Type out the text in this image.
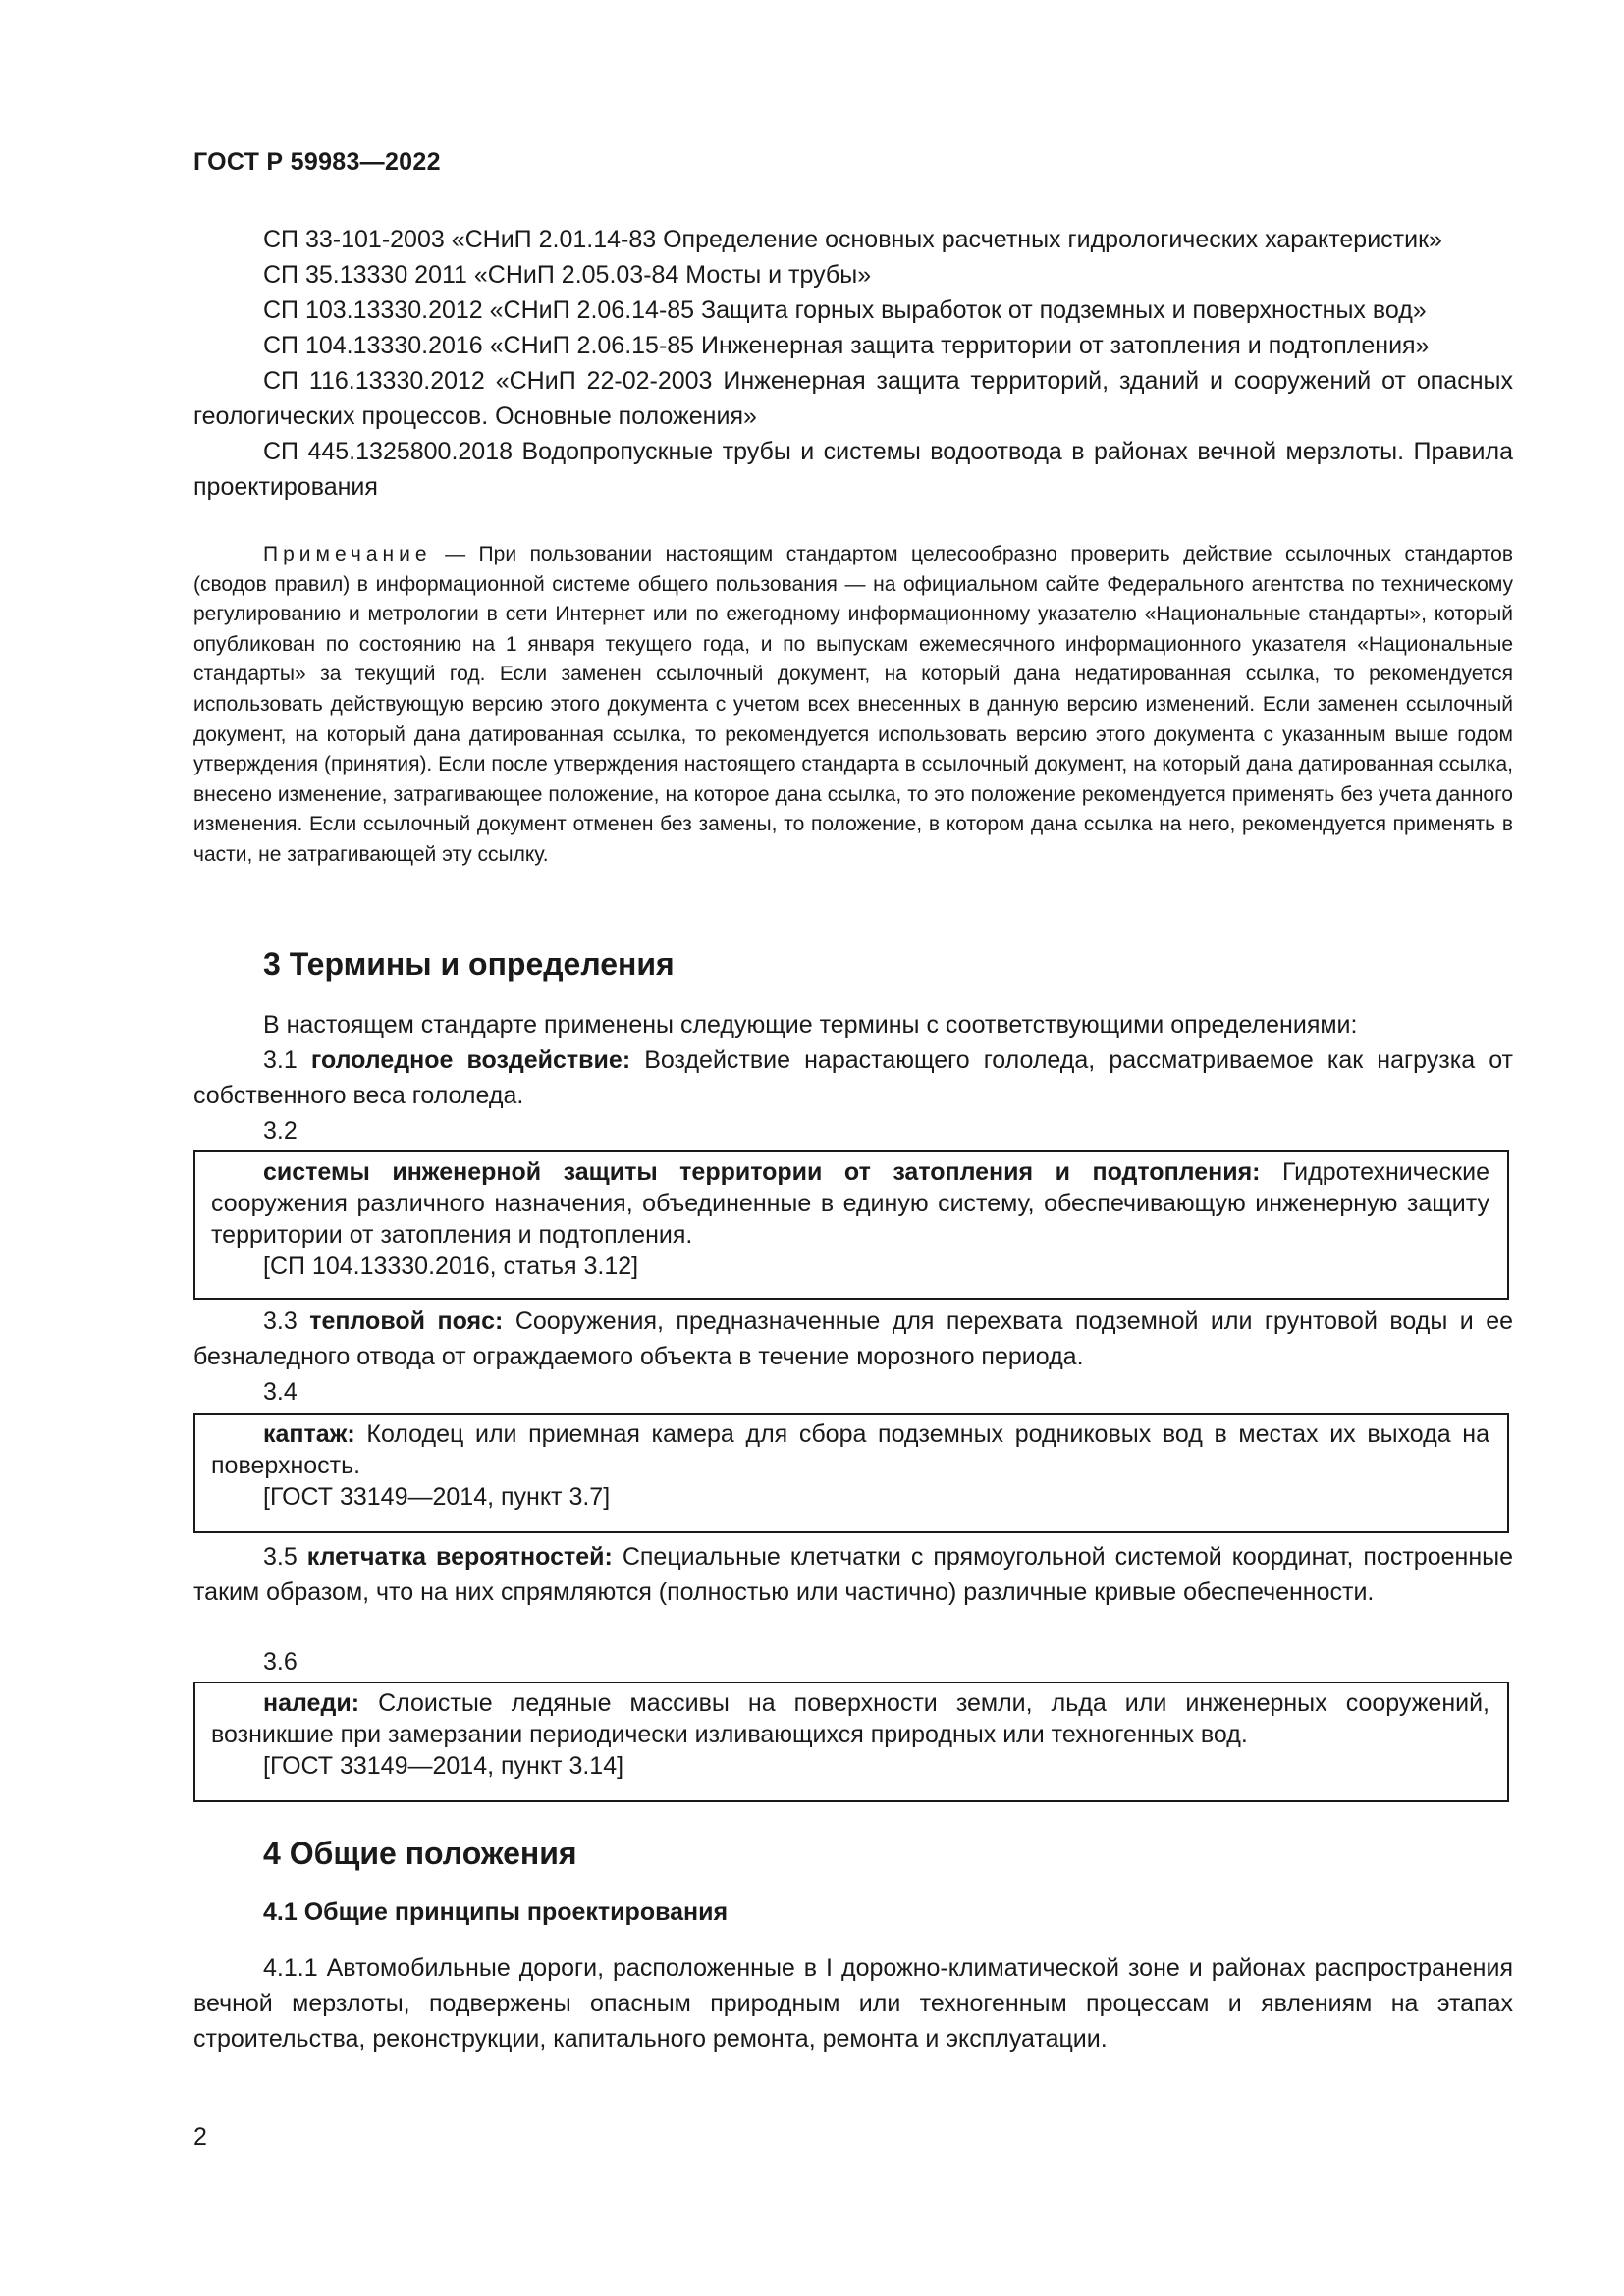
ГОСТ Р 59983—2022

СП 33-101-2003 «СНиП 2.01.14-83 Определение основных расчетных гидрологических характеристик»

СП 35.13330 2011 «СНиП 2.05.03-84 Мосты и трубы»

СП 103.13330.2012 «СНиП 2.06.14-85 Защита горных выработок от подземных и поверхностных вод»

СП 104.13330.2016 «СНиП 2.06.15-85 Инженерная защита территории от затопления и подтопления»

СП 116.13330.2012 «СНиП 22-02-2003 Инженерная защита территорий, зданий и сооружений от опасных геологических процессов. Основные положения»

СП 445.1325800.2018 Водопропускные трубы и системы водоотвода в районах вечной мерзлоты. Правила проектирования

Примечание — При пользовании настоящим стандартом целесообразно проверить действие ссылочных стандартов (сводов правил) в информационной системе общего пользования — на официальном сайте Федерального агентства по техническому регулированию и метрологии в сети Интернет или по ежегодному информационному указателю «Национальные стандарты», который опубликован по состоянию на 1 января текущего года, и по выпускам ежемесячного информационного указателя «Национальные стандарты» за текущий год. Если заменен ссылочный документ, на который дана недатированная ссылка, то рекомендуется использовать действующую версию этого документа с учетом всех внесенных в данную версию изменений. Если заменен ссылочный документ, на который дана датированная ссылка, то рекомендуется использовать версию этого документа с указанным выше годом утверждения (принятия). Если после утверждения настоящего стандарта в ссылочный документ, на который дана датированная ссылка, внесено изменение, затрагивающее положение, на которое дана ссылка, то это положение рекомендуется применять без учета данного изменения. Если ссылочный документ отменен без замены, то положение, в котором дана ссылка на него, рекомендуется применять в части, не затрагивающей эту ссылку.

3 Термины и определения

В настоящем стандарте применены следующие термины с соответствующими определениями:

3.1 гололедное воздействие: Воздействие нарастающего гололеда, рассматриваемое как нагрузка от собственного веса гололеда.

3.2

системы инженерной защиты территории от затопления и подтопления: Гидротехнические сооружения различного назначения, объединенные в единую систему, обеспечивающую инженерную защиту территории от затопления и подтопления.

[СП 104.13330.2016, статья 3.12]

3.3 тепловой пояс: Сооружения, предназначенные для перехвата подземной или грунтовой воды и ее безналедного отвода от ограждаемого объекта в течение морозного периода.

3.4

каптаж: Колодец или приемная камера для сбора подземных родниковых вод в местах их выхода на поверхность.

[ГОСТ 33149—2014, пункт 3.7]

3.5 клетчатка вероятностей: Специальные клетчатки с прямоугольной системой координат, построенные таким образом, что на них спрямляются (полностью или частично) различные кривые обеспеченности.

3.6

наледи: Слоистые ледяные массивы на поверхности земли, льда или инженерных сооружений, возникшие при замерзании периодически изливающихся природных или техногенных вод.

[ГОСТ 33149—2014, пункт 3.14]

4 Общие положения
4.1 Общие принципы проектирования

4.1.1 Автомобильные дороги, расположенные в I дорожно-климатической зоне и районах распространения вечной мерзлоты, подвержены опасным природным или техногенным процессам и явлениям на этапах строительства, реконструкции, капитального ремонта, ремонта и эксплуатации.

2
